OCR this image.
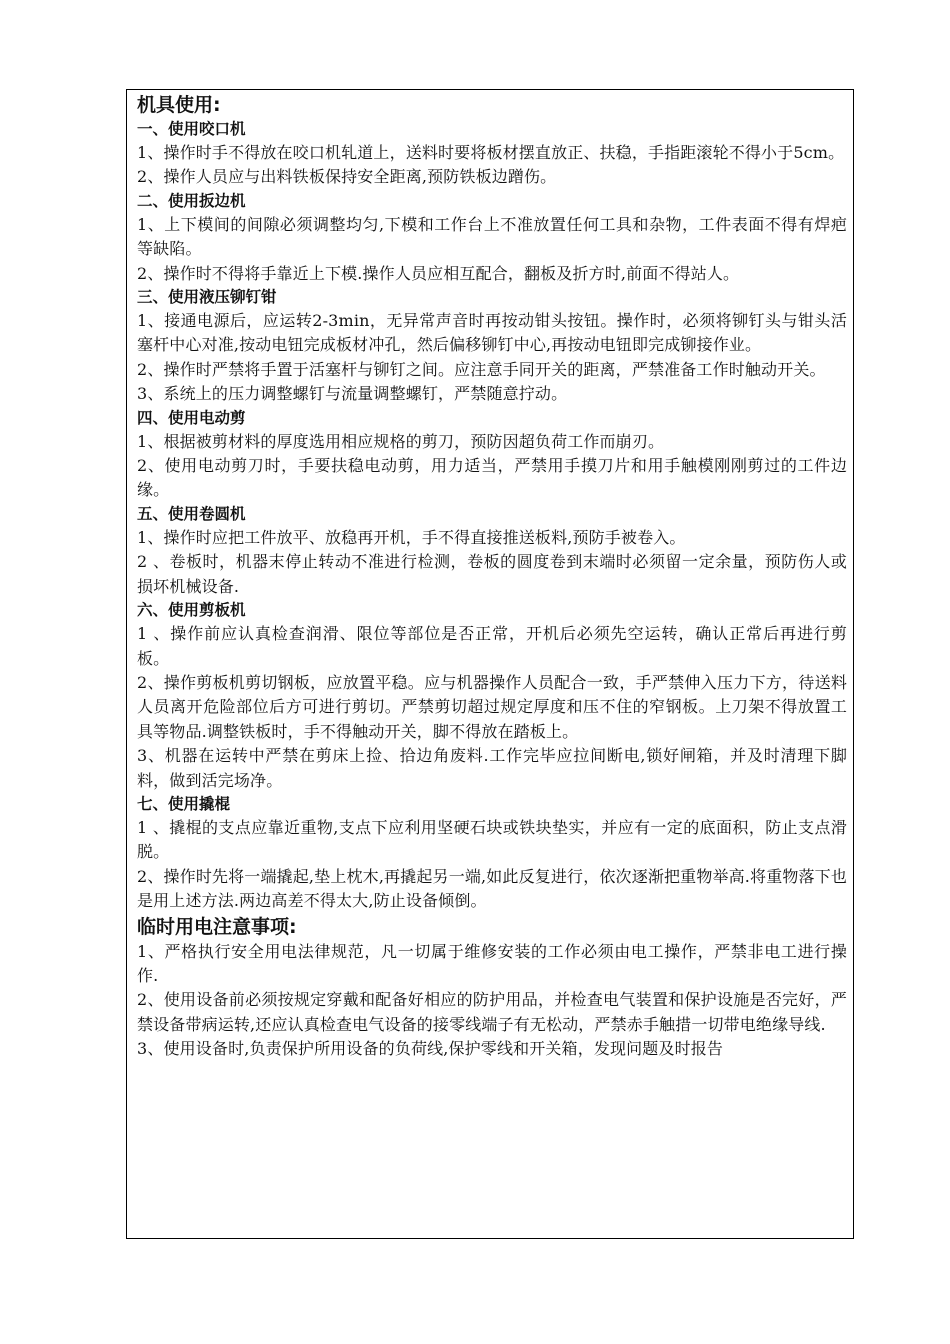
机具使用:
一、使用咬口机

1、操作时手不得放在咬口机轧道上，送料时要将板材摆直放正、扶稳，手指距滚轮不得小于5cm。

2、操作人员应与出料铁板保持安全距离,预防铁板边蹭伤。

二、使用扳边机

1、上下模间的间隙必须调整均匀,下模和工作台上不准放置任何工具和杂物，工件表面不得有焊疤等缺陷。

2、操作时不得将手靠近上下模.操作人员应相互配合，翻板及折方时,前面不得站人。

三、使用液压铆钉钳

1、接通电源后，应运转2-3min，无异常声音时再按动钳头按钮。操作时，必须将铆钉头与钳头活塞杆中心对准,按动电钮完成板材冲孔，然后偏移铆钉中心,再按动电钮即完成铆接作业。

2、操作时严禁将手置于活塞杆与铆钉之间。应注意手同开关的距离，严禁准备工作时触动开关。

3、系统上的压力调整螺钉与流量调整螺钉，严禁随意拧动。

四、使用电动剪

1、根据被剪材料的厚度选用相应规格的剪刀，预防因超负荷工作而崩刃。

2、使用电动剪刀时，手要扶稳电动剪，用力适当，严禁用手摸刀片和用手触模刚刚剪过的工件边缘。

五、使用卷圆机

1、操作时应把工件放平、放稳再开机，手不得直接推送板料,预防手被卷入。

2 、卷板时，机器末停止转动不准进行检测，卷板的圆度卷到末端时必须留一定余量，预防伤人或损坏机械设备.

六、使用剪板机

1 、操作前应认真检查润滑、限位等部位是否正常，开机后必须先空运转，确认正常后再进行剪板。

2、操作剪板机剪切钢板，应放置平稳。应与机器操作人员配合一致，手严禁伸入压力下方，待送料人员离开危险部位后方可进行剪切。严禁剪切超过规定厚度和压不住的窄钢板。上刀架不得放置工具等物品.调整铁板时，手不得触动开关，脚不得放在踏板上。

3、机器在运转中严禁在剪床上捡、拾边角废料.工作完毕应拉间断电,锁好闸箱，并及时清理下脚料，做到活完场净。

七、使用撬棍

1 、撬棍的支点应靠近重物,支点下应利用坚硬石块或铁块垫实，并应有一定的底面积，防止支点滑脱。

2、操作时先将一端撬起,垫上枕木,再撬起另一端,如此反复进行，依次逐渐把重物举高.将重物落下也是用上述方法.两边高差不得太大,防止设备倾倒。

临时用电注意事项:

1、严格执行安全用电法律规范，凡一切属于维修安装的工作必须由电工操作，严禁非电工进行操作.

2、使用设备前必须按规定穿戴和配备好相应的防护用品，并检查电气装置和保护设施是否完好，严禁设备带病运转,还应认真检查电气设备的接零线端子有无松动，严禁赤手触措一切带电绝缘导线.

3、使用设备时,负责保护所用设备的负荷线,保护零线和开关箱，发现问题及时报告
